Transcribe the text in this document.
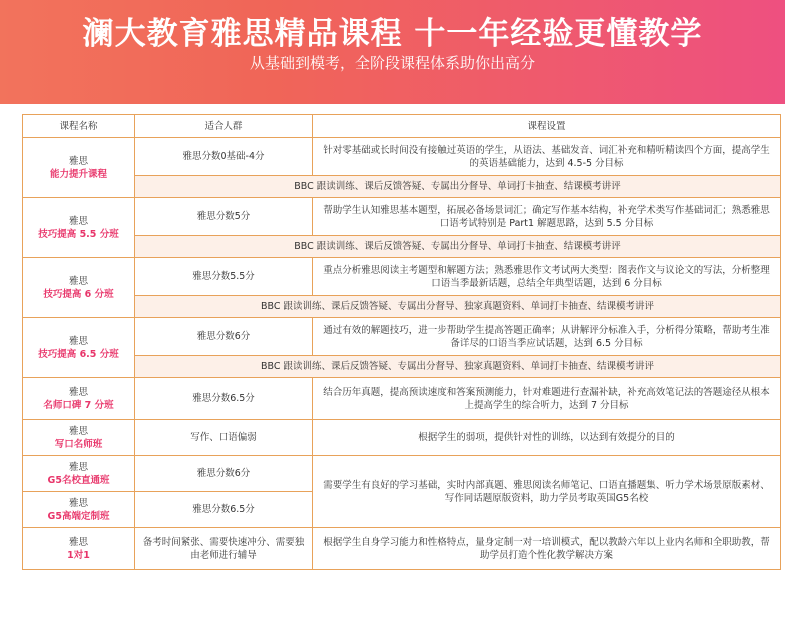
澜大教育雅思精品课程 十一年经验更懂教学
从基础到模考，全阶段课程体系助你出高分
课程名称	适合人群	课程设置

雅思
能力提升课程	雅思分数0基础-4分	针对零基础或长时间没有接触过英语的学生，从语法、基础发音、词汇补充和精听精读四个方面，提高学生的英语基础能力，达到 4.5-5 分目标
	BBC 跟读训练、课后反馈答疑、专属出分督导、单词打卡抽查、结课模考讲评	

雅思
技巧提高 5.5 分班	雅思分数5分	帮助学生认知雅思基本题型，拓展必备场景词汇；确定写作基本结构，补充学术类写作基础词汇；熟悉雅思口语考试特别是 Part1 解题思路，达到 5.5 分目标
	BBC 跟读训练、课后反馈答疑、专属出分督导、单词打卡抽查、结课模考讲评	

雅思
技巧提高 6 分班	雅思分数5.5分	重点分析雅思阅读主考题型和解题方法；熟悉雅思作文考试两大类型：图表作文与议论文的写法，分析整理口语当季最新话题，总结全年典型话题，达到 6 分目标
	BBC 跟读训练、课后反馈答疑、专属出分督导、独家真题资料、单词打卡抽查、结课模考讲评	

雅思
技巧提高 6.5 分班	雅思分数6分	通过有效的解题技巧，进一步帮助学生提高答题正确率；从讲解评分标准入手，分析得分策略，帮助考生准备详尽的口语当季应试话题，达到 6.5 分目标
	BBC 跟读训练、课后反馈答疑、专属出分督导、独家真题资料、单词打卡抽查、结课模考讲评	

雅思
名师口碑 7 分班	雅思分数6.5分	结合历年真题，提高预读速度和答案预测能力，针对难题进行查漏补缺，补充高效笔记法的答题途径从根本上提高学生的综合听力，达到 7 分目标

雅思
写口名师班	写作、口语偏弱	根据学生的弱项，提供针对性的训练，以达到有效提分的目的

雅思
G5名校直通班	雅思分数6分	需要学生有良好的学习基础，实时内部真题、雅思阅读名师笔记、口语直播题集、听力学术场景原版素材、写作同话题原版资料，助力学员考取英国G5名校

雅思
G5高端定制班	雅思分数6.5分	

雅思
1对1	备考时间紧张、需要快速冲分、需要独由老师进行辅导	根据学生自身学习能力和性格特点，量身定制一对一培训模式，配以教龄六年以上业内名师和全职助教，帮助学员打造个性化教学解决方案
